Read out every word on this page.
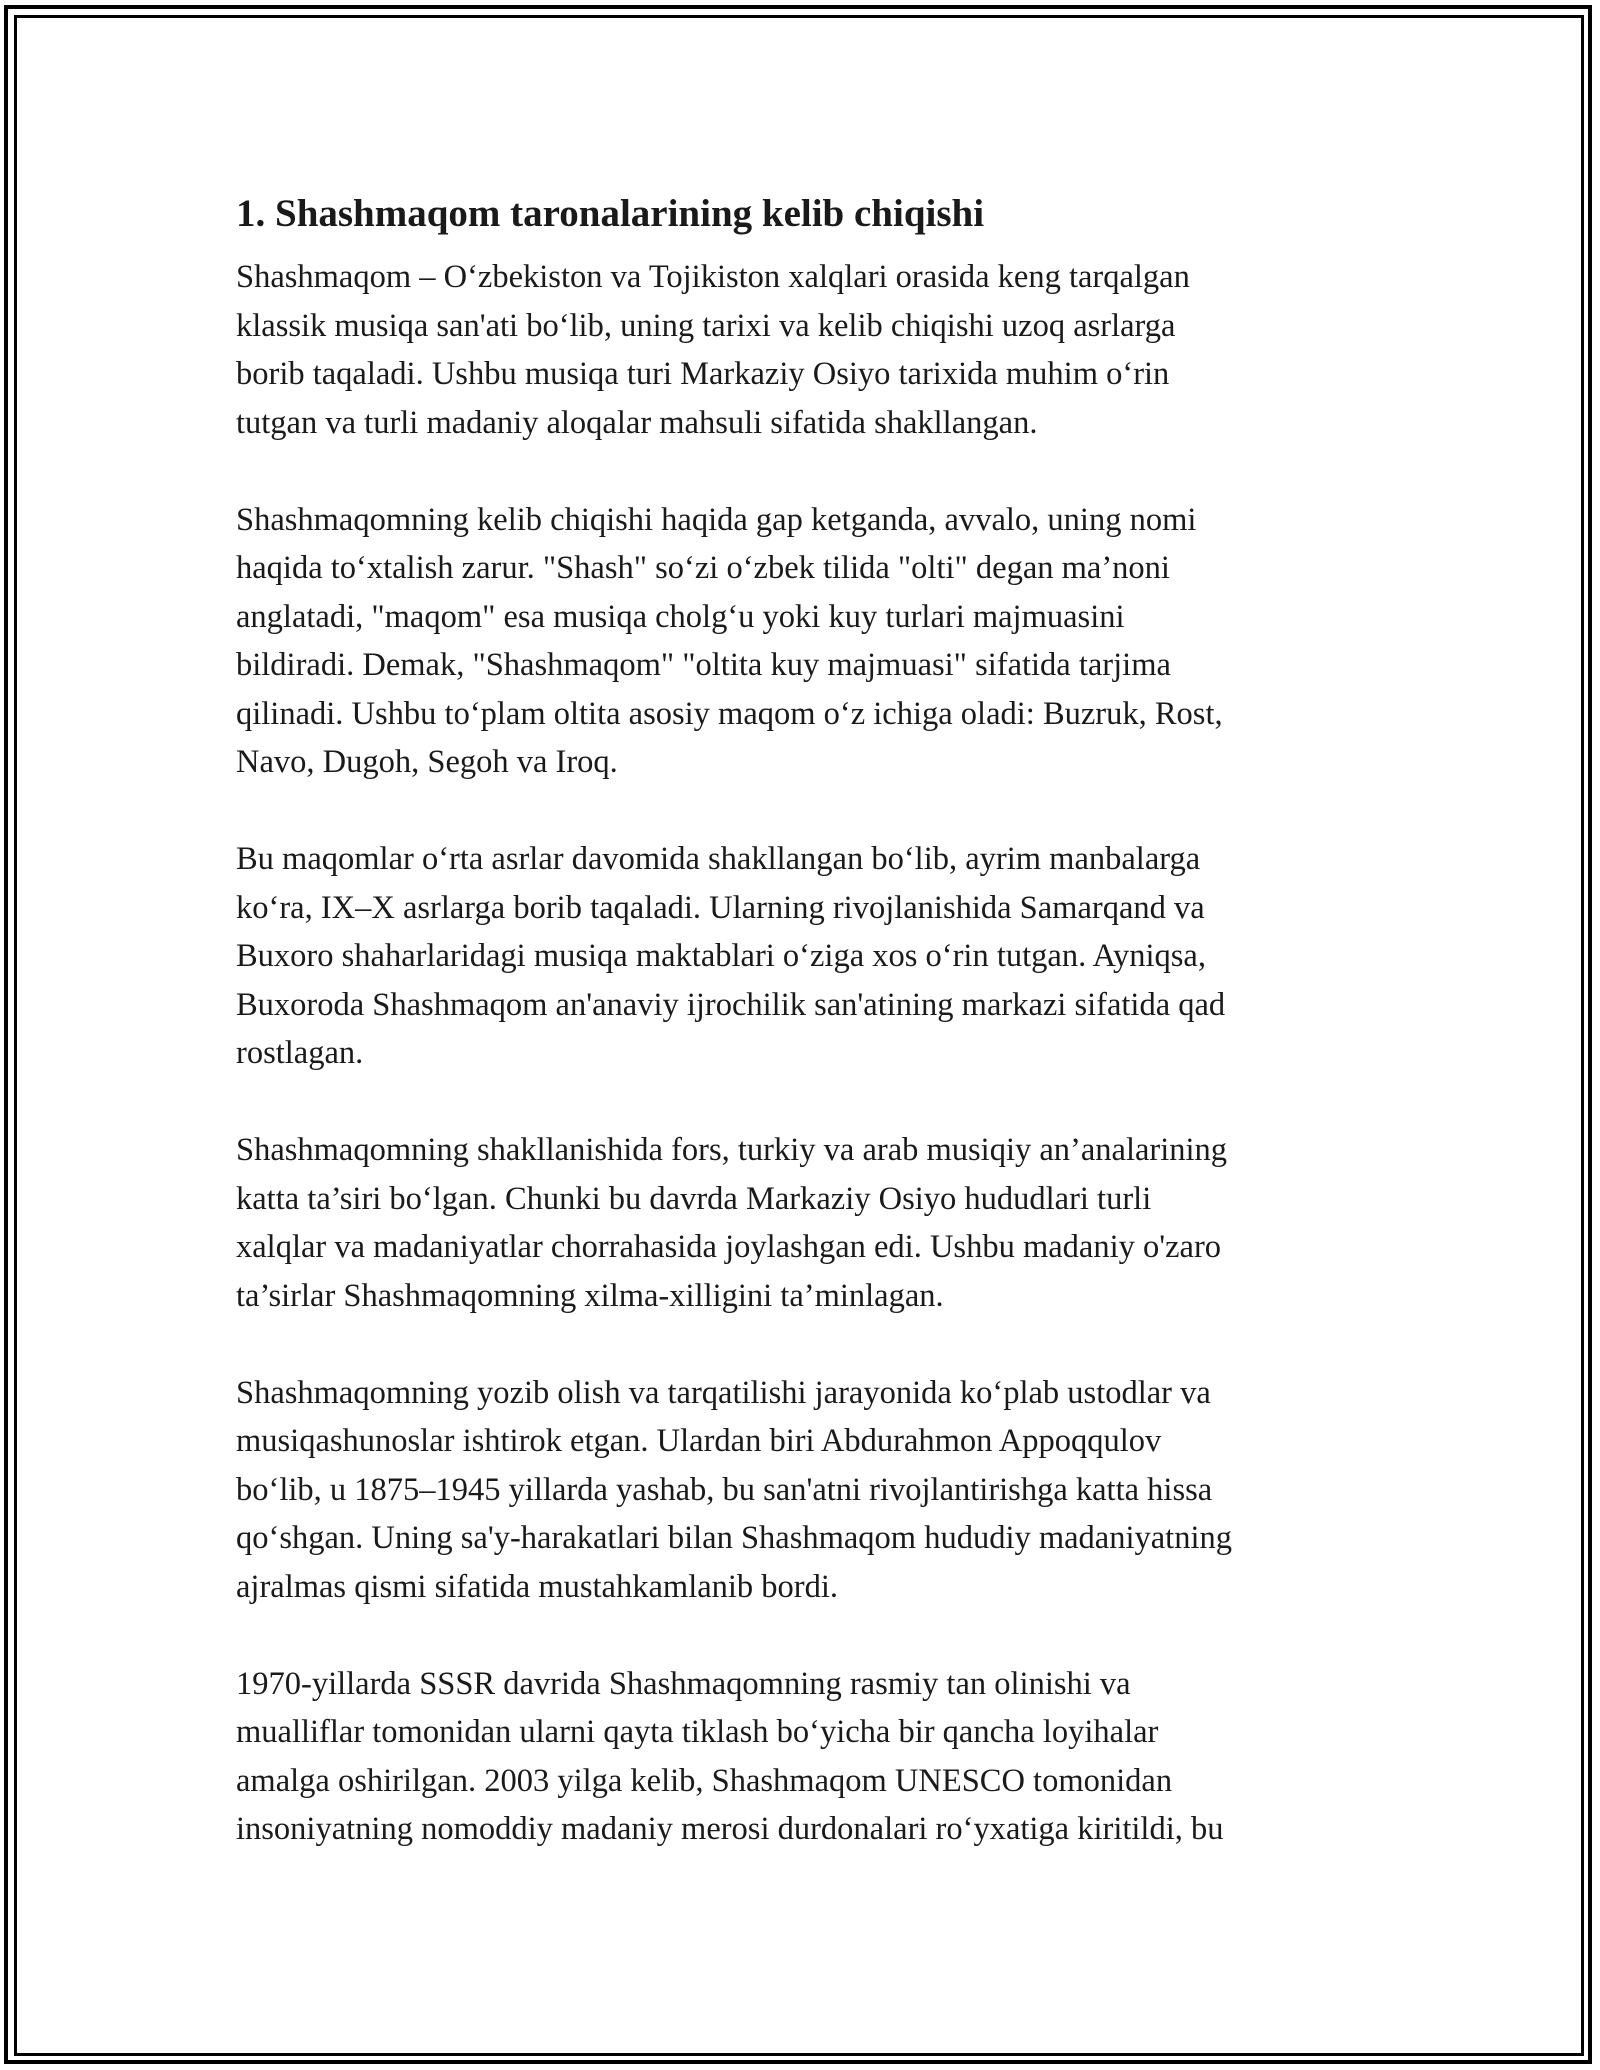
1. Shashmaqom taronalarining kelib chiqishi
Shashmaqom – O‘zbekiston va Tojikiston xalqlari orasida keng tarqalgan
klassik musiqa san'ati bo‘lib, uning tarixi va kelib chiqishi uzoq asrlarga
borib taqaladi. Ushbu musiqa turi Markaziy Osiyo tarixida muhim o‘rin
tutgan va turli madaniy aloqalar mahsuli sifatida shakllangan.
Shashmaqomning kelib chiqishi haqida gap ketganda, avvalo, uning nomi
haqida to‘xtalish zarur. "Shash" so‘zi o‘zbek tilida "olti" degan ma’noni
anglatadi, "maqom" esa musiqa cholg‘u yoki kuy turlari majmuasini
bildiradi. Demak, "Shashmaqom" "oltita kuy majmuasi" sifatida tarjima
qilinadi. Ushbu to‘plam oltita asosiy maqom o‘z ichiga oladi: Buzruk, Rost,
Navo, Dugoh, Segoh va Iroq.
Bu maqomlar o‘rta asrlar davomida shakllangan bo‘lib, ayrim manbalarga
ko‘ra, IX–X asrlarga borib taqaladi. Ularning rivojlanishida Samarqand va
Buxoro shaharlaridagi musiqa maktablari o‘ziga xos o‘rin tutgan. Ayniqsa,
Buxoroda Shashmaqom an'anaviy ijrochilik san'atining markazi sifatida qad
rostlagan.
Shashmaqomning shakllanishida fors, turkiy va arab musiqiy an’analarining
katta ta’siri bo‘lgan. Chunki bu davrda Markaziy Osiyo hududlari turli
xalqlar va madaniyatlar chorrahasida joylashgan edi. Ushbu madaniy o'zaro
ta’sirlar Shashmaqomning xilma-xilligini ta’minlagan.
Shashmaqomning yozib olish va tarqatilishi jarayonida ko‘plab ustodlar va
musiqashunoslar ishtirok etgan. Ulardan biri Abdurahmon Appoqqulov
bo‘lib, u 1875–1945 yillarda yashab, bu san'atni rivojlantirishga katta hissa
qo‘shgan. Uning sa'y-harakatlari bilan Shashmaqom hududiy madaniyatning
ajralmas qismi sifatida mustahkamlanib bordi.
1970-yillarda SSSR davrida Shashmaqomning rasmiy tan olinishi va
mualliflar tomonidan ularni qayta tiklash bo‘yicha bir qancha loyihalar
amalga oshirilgan. 2003 yilga kelib, Shashmaqom UNESCO tomonidan
insoniyatning nomoddiy madaniy merosi durdonalari ro‘yxatiga kiritildi, bu
